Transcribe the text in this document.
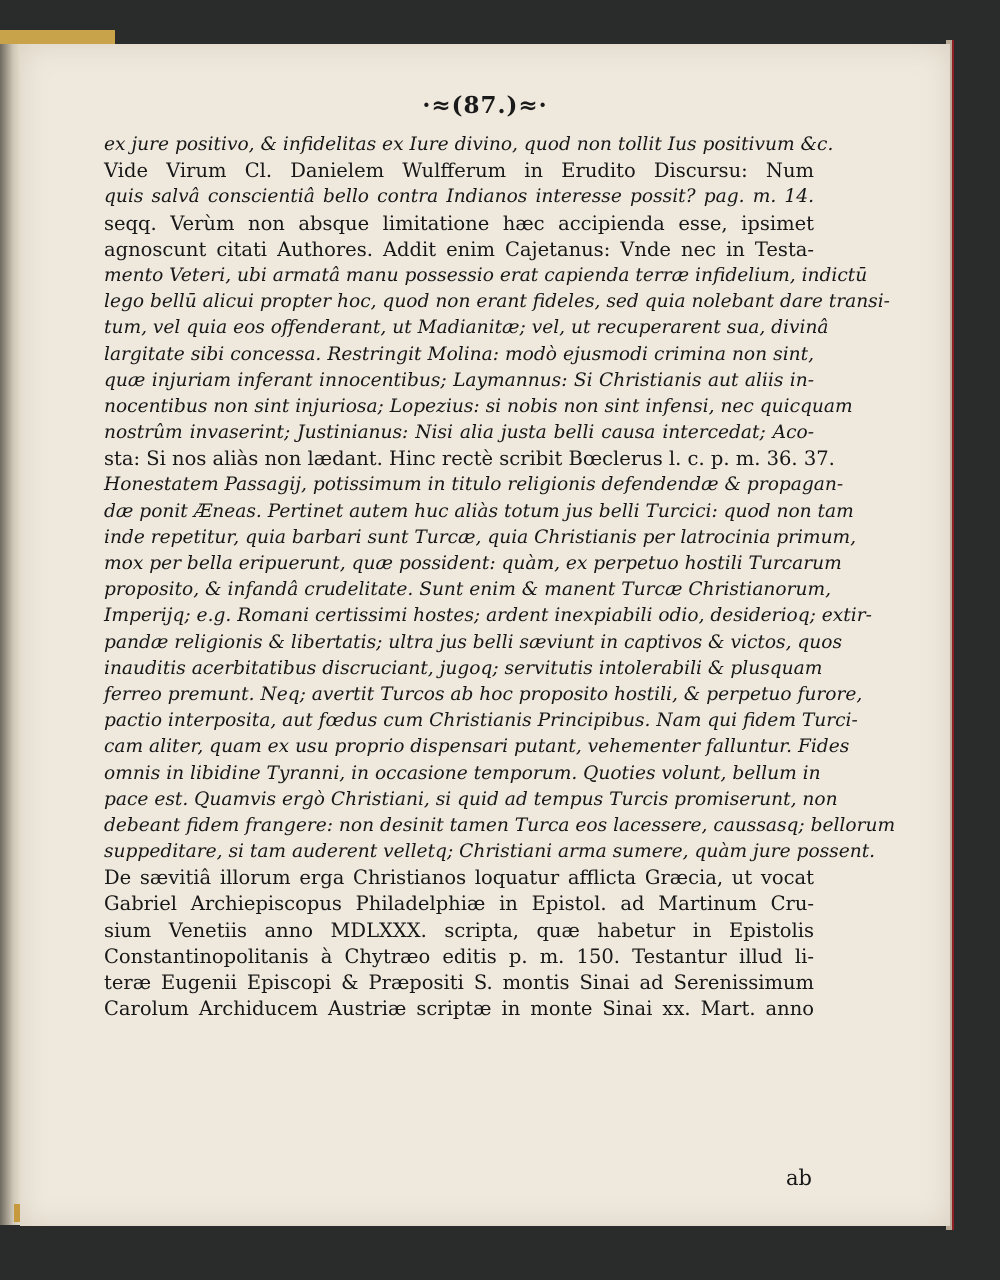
·≈(87.)≈·
ex jure positivo, & infidelitas ex Iure divino, quod non tollit Ius positivum &c.
Vide Virum Cl. Danielem Wulfferum in Erudito Discursu: Num
quis salvâ conscientiâ bello contra Indianos interesse possit? pag. m. 14.
seqq. Verùm non absque limitatione hæc accipienda esse, ipsimet
agnoscunt citati Authores. Addit enim Cajetanus: Vnde nec in Testa-
mento Veteri, ubi armatâ manu possessio erat capienda terræ infidelium, indictū
lego bellū alicui propter hoc, quod non erant fideles, sed quia nolebant dare transi-
tum, vel quia eos offenderant, ut Madianitæ; vel, ut recuperarent sua, divinâ
largitate sibi concessa. Restringit Molina: modò ejusmodi crimina non sint,
quæ injuriam inferant innocentibus; Laymannus: Si Christianis aut aliis in-
nocentibus non sint injuriosa; Lopezius: si nobis non sint infensi, nec quicquam
nostrûm invaserint; Justinianus: Nisi alia justa belli causa intercedat; Aco-
sta: Si nos aliàs non lædant. Hinc rectè scribit Bœclerus l. c. p. m. 36. 37.
Honestatem Passagij, potissimum in titulo religionis defendendæ & propagan-
dæ ponit Æneas. Pertinet autem huc aliàs totum jus belli Turcici: quod non tam
inde repetitur, quia barbari sunt Turcæ, quia Christianis per latrocinia primum,
mox per bella eripuerunt, quæ possident: quàm, ex perpetuo hostili Turcarum
proposito, & infandâ crudelitate. Sunt enim & manent Turcæ Christianorum,
Imperijq; e.g. Romani certissimi hostes; ardent inexpiabili odio, desiderioq; extir-
pandæ religionis & libertatis; ultra jus belli sæviunt in captivos & victos, quos
inauditis acerbitatibus discruciant, jugoq; servitutis intolerabili & plusquam
ferreo premunt. Neq; avertit Turcos ab hoc proposito hostili, & perpetuo furore,
pactio interposita, aut fœdus cum Christianis Principibus. Nam qui fidem Turci-
cam aliter, quam ex usu proprio dispensari putant, vehementer falluntur. Fides
omnis in libidine Tyranni, in occasione temporum. Quoties volunt, bellum in
pace est. Quamvis ergò Christiani, si quid ad tempus Turcis promiserunt, non
debeant fidem frangere: non desinit tamen Turca eos lacessere, caussasq; bellorum
suppeditare, si tam auderent velletq; Christiani arma sumere, quàm jure possent.
De sævitiâ illorum erga Christianos loquatur afflicta Græcia, ut vocat
Gabriel Archiepiscopus Philadelphiæ in Epistol. ad Martinum Cru-
sium Venetiis anno MDLXXX. scripta, quæ habetur in Epistolis
Constantinopolitanis à Chytræo editis p. m. 150. Testantur illud li-
teræ Eugenii Episcopi & Præpositi S. montis Sinai ad Serenissimum
Carolum Archiducem Austriæ scriptæ in monte Sinai xx. Mart. anno
ab
